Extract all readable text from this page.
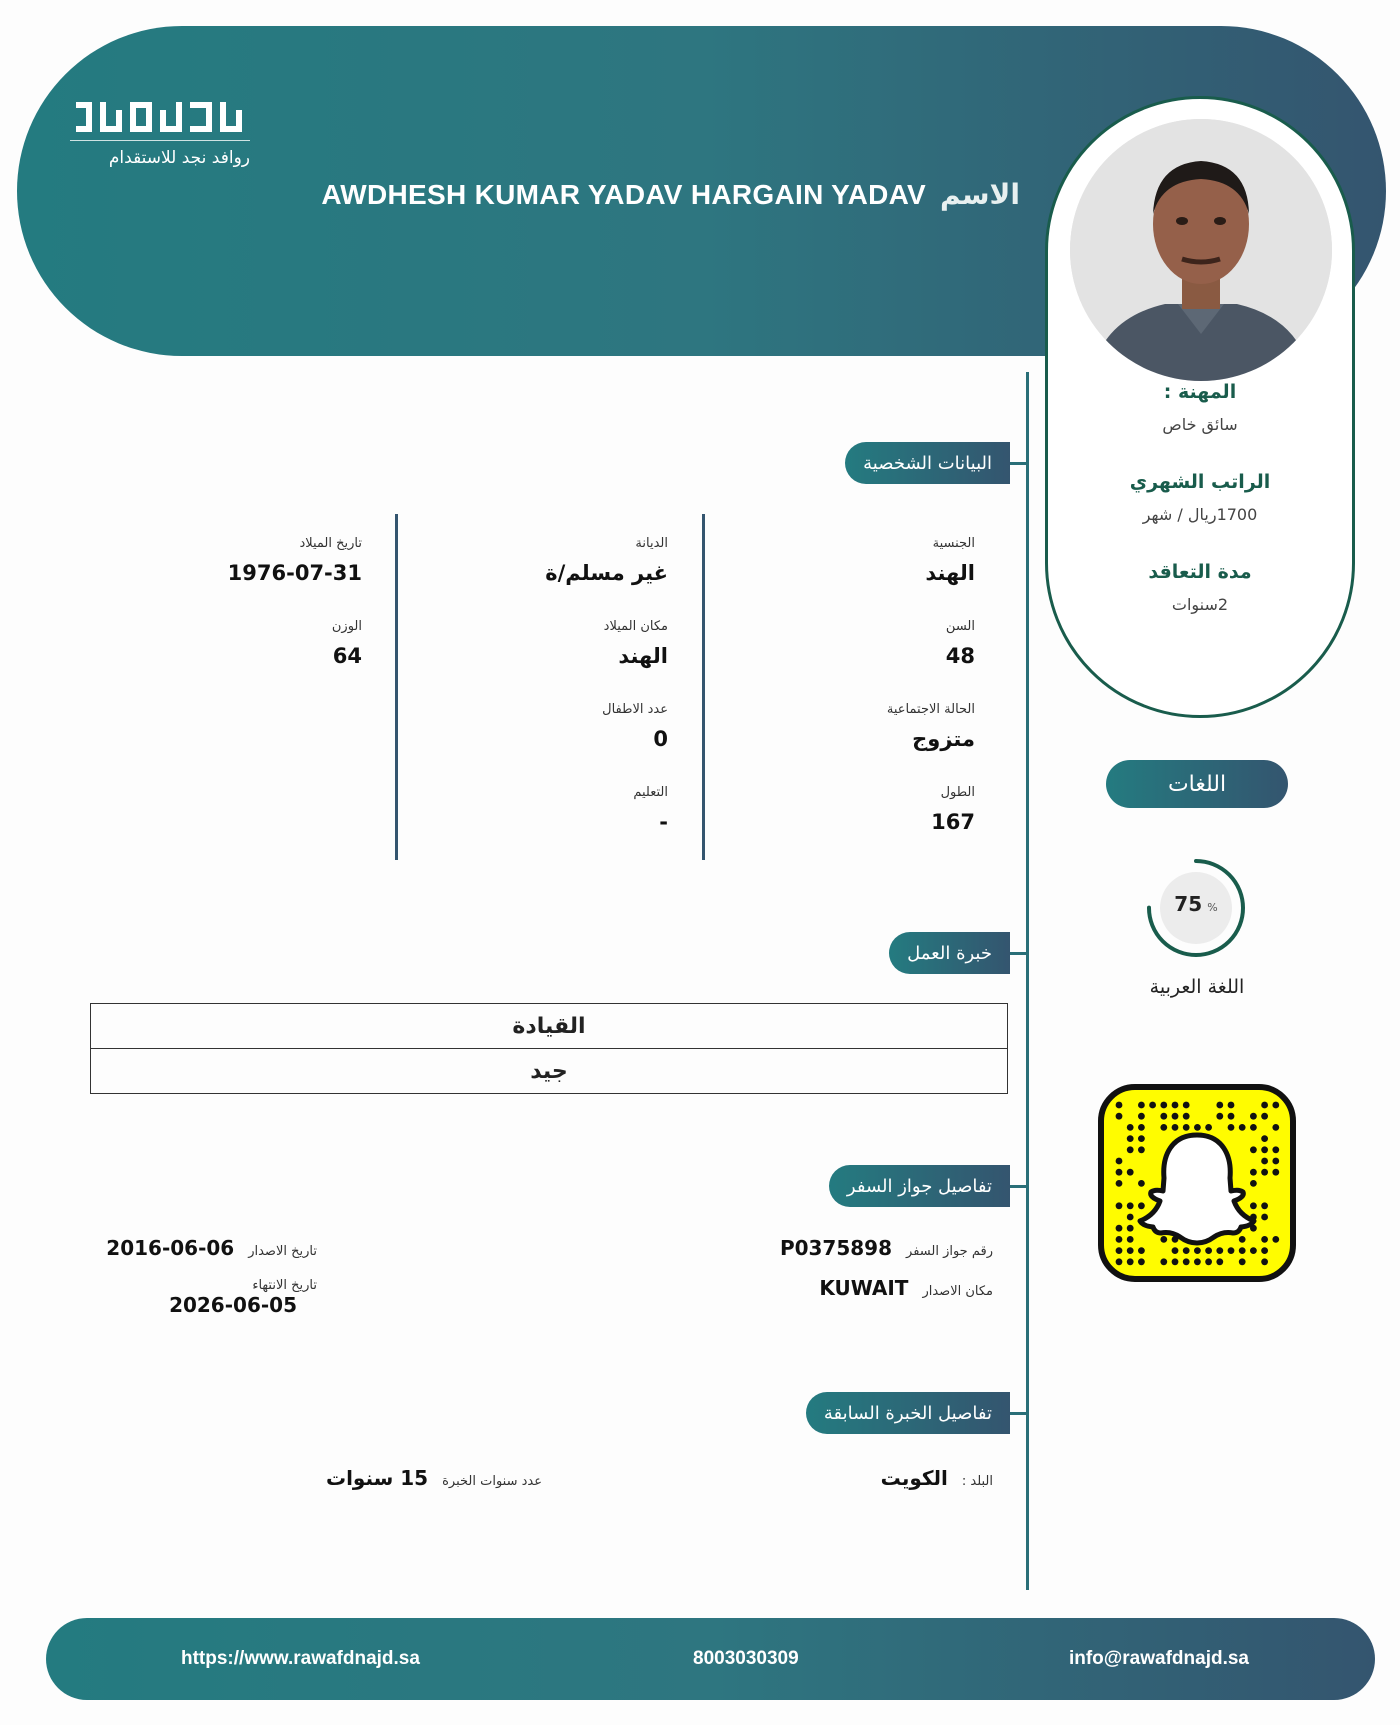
روافد نجد للاستقدام
AWDHESH KUMAR YADAV HARGAIN YADAV الاسم
المهنة :
سائق خاص
الراتب الشهري
1700ريال / شهر
مدة التعاقد
2سنوات
البيانات الشخصية
الجنسية
الهند
السن
48
الحالة الاجتماعية
متزوج
الطول
167
الديانة
غير مسلم/ة
مكان الميلاد
الهند
عدد الاطفال
0
التعليم
-
تاريخ الميلاد
1976-07-31
الوزن
64
خبرة العمل
القيادة
جيد
تفاصيل جواز السفر
رقم جواز السفر
P0375898
مكان الاصدار
KUWAIT
تاريخ الاصدار
2016-06-06
تاريخ الانتهاء
2026-06-05
تفاصيل الخبرة السابقة
البلد :
الكويت
عدد سنوات الخبرة
15 سنوات
اللغات
75 %
اللغة العربية
https://www.rawafdnajd.sa	8003030309	info@rawafdnajd.sa
